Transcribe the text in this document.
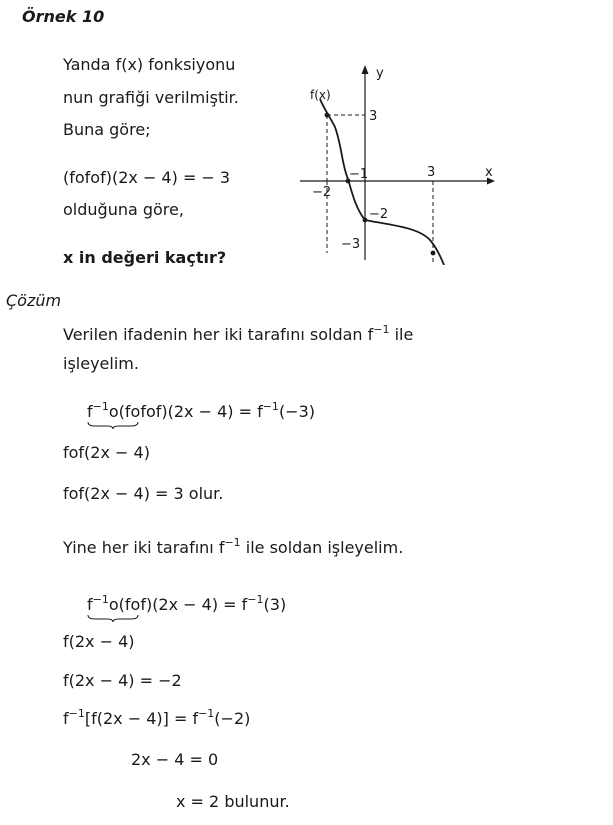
Örnek 10
Yanda f(x) fonksiyonu
nun grafiği verilmiştir.
Buna göre;
(fofof)(2x − 4) = − 3
olduğuna göre,
x in değeri kaçtır?
y
x
f(x)
3
−1	3
−2
−2
−3
Çözüm
Verilen ifadenin her iki tarafını soldan $f^{-1}$ ile
işleyelim.
$f^{-1}o(fofof)(2x - 4) = f^{-1}(-3)$
fof(2x − 4)
fof(2x − 4) = 3 olur.
Yine her iki tarafını $f^{-1}$ ile soldan işleyelim.
$f^{-1}o(fof)(2x - 4) = f^{-1}(3)$
f(2x − 4)
f(2x − 4) = −2
$f^{-1}[f(2x - 4)] = f^{-1}(-2)$
2x − 4 = 0
x = 2 bulunur.
